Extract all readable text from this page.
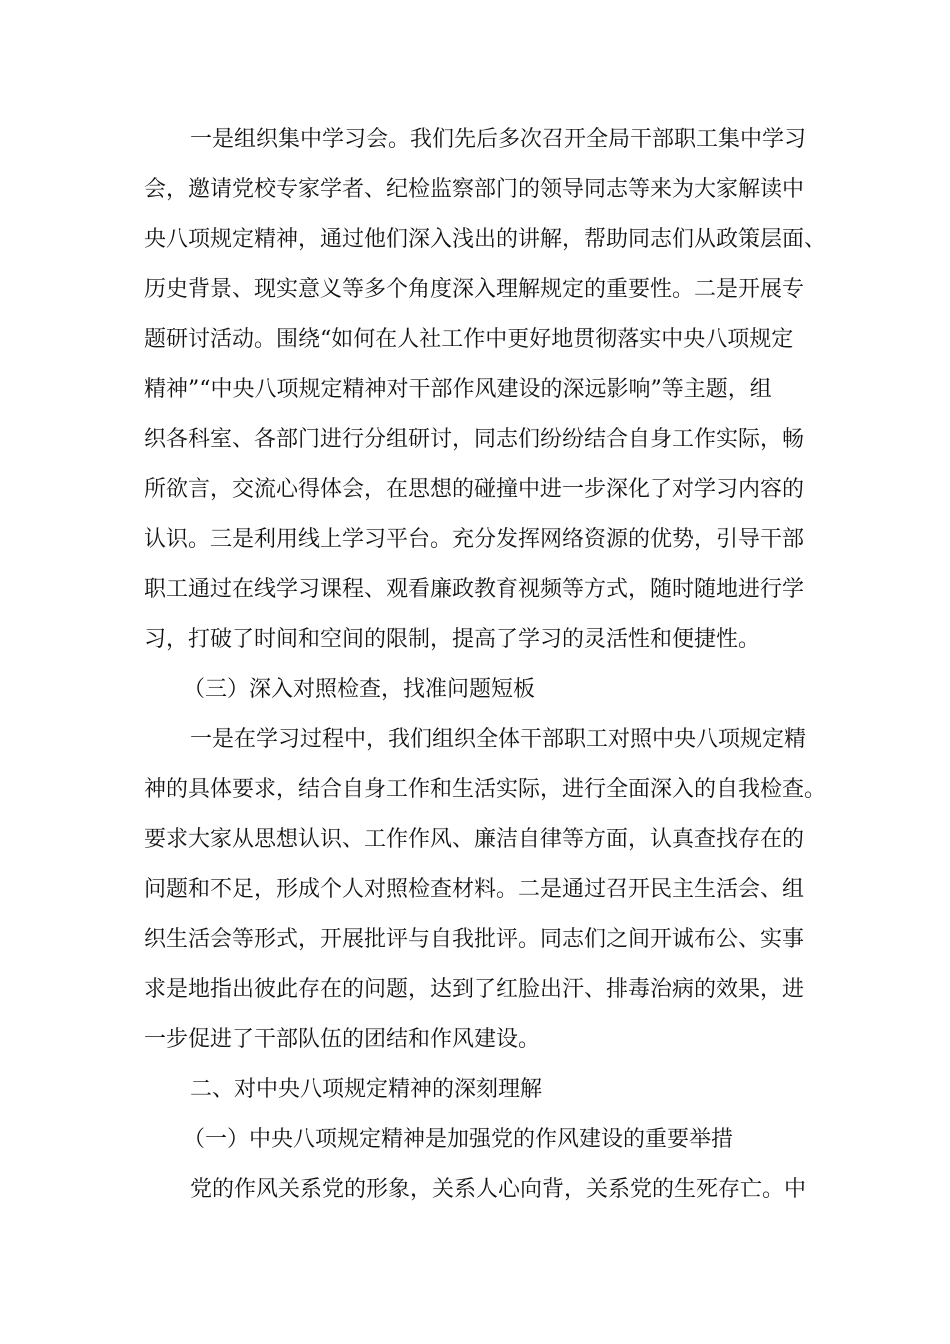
一是组织集中学习会。我们先后多次召开全局干部职工集中学习
会，邀请党校专家学者、纪检监察部门的领导同志等来为大家解读中
央八项规定精神，通过他们深入浅出的讲解，帮助同志们从政策层面、
历史背景、现实意义等多个角度深入理解规定的重要性。二是开展专
题研讨活动。围绕“如何在人社工作中更好地贯彻落实中央八项规定
精神”“中央八项规定精神对干部作风建设的深远影响”等主题，组
织各科室、各部门进行分组研讨，同志们纷纷结合自身工作实际，畅
所欲言，交流心得体会，在思想的碰撞中进一步深化了对学习内容的
认识。三是利用线上学习平台。充分发挥网络资源的优势，引导干部
职工通过在线学习课程、观看廉政教育视频等方式，随时随地进行学
习，打破了时间和空间的限制，提高了学习的灵活性和便捷性。
（三）深入对照检查，找准问题短板
一是在学习过程中，我们组织全体干部职工对照中央八项规定精
神的具体要求，结合自身工作和生活实际，进行全面深入的自我检查。
要求大家从思想认识、工作作风、廉洁自律等方面，认真查找存在的
问题和不足，形成个人对照检查材料。二是通过召开民主生活会、组
织生活会等形式，开展批评与自我批评。同志们之间开诚布公、实事
求是地指出彼此存在的问题，达到了红脸出汗、排毒治病的效果，进
一步促进了干部队伍的团结和作风建设。
二、对中央八项规定精神的深刻理解
（一）中央八项规定精神是加强党的作风建设的重要举措
党的作风关系党的形象，关系人心向背，关系党的生死存亡。中
